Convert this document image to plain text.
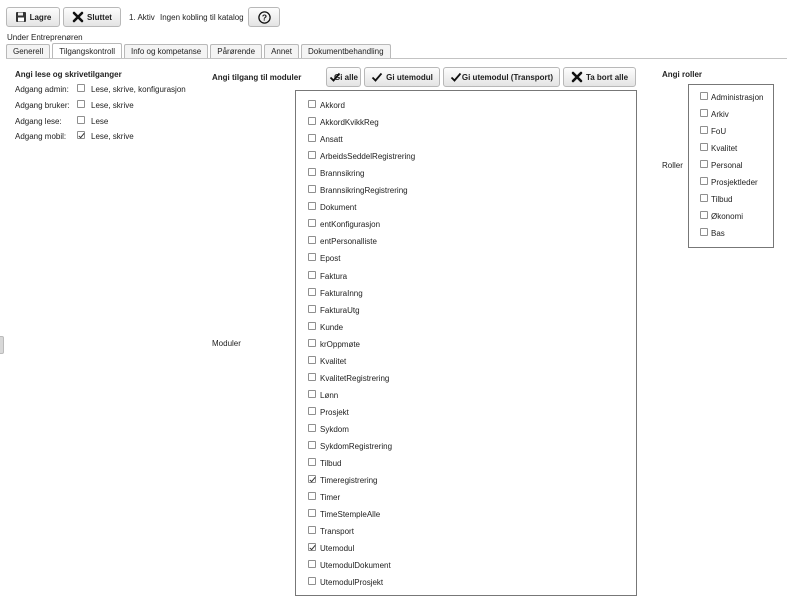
Lagre	Sluttet 1. Aktiv Ingen kobling til katalog ?
Under Entreprenøren
Generell Tilgangskontroll Info og kompetanse Pårørende Annet Dokumentbehandling
Angi lese og skrivetilganger
Adgang admin:	Lese, skrive, konfigurasjon
Adgang bruker:	Lese, skrive
Adgang lese:	Lese
Adgang mobil:	Lese, skrive
Angi tilgang til moduler	Gi alle	Gi utemodul	Gi utemodul (Transport)	Ta bort alle
Moduler
Akkord
AkkordKvikkReg
Ansatt
ArbeidsSeddelRegistrering
Brannsikring
BrannsikringRegistrering
Dokument
entKonfigurasjon
entPersonalliste
Epost
Faktura
FakturaInng
FakturaUtg
Kunde
krOppmøte
Kvalitet
KvalitetRegistrering
Lønn
Prosjekt
Sykdom
SykdomRegistrering
Tilbud
Timeregistrering
Timer
TimeStempleAlle
Transport
Utemodul
UtemodulDokument
UtemodulProsjekt
Angi roller
Roller
Administrasjon
Arkiv
FoU
Kvalitet
Personal
Prosjektleder
Tilbud
Økonomi
Bas
